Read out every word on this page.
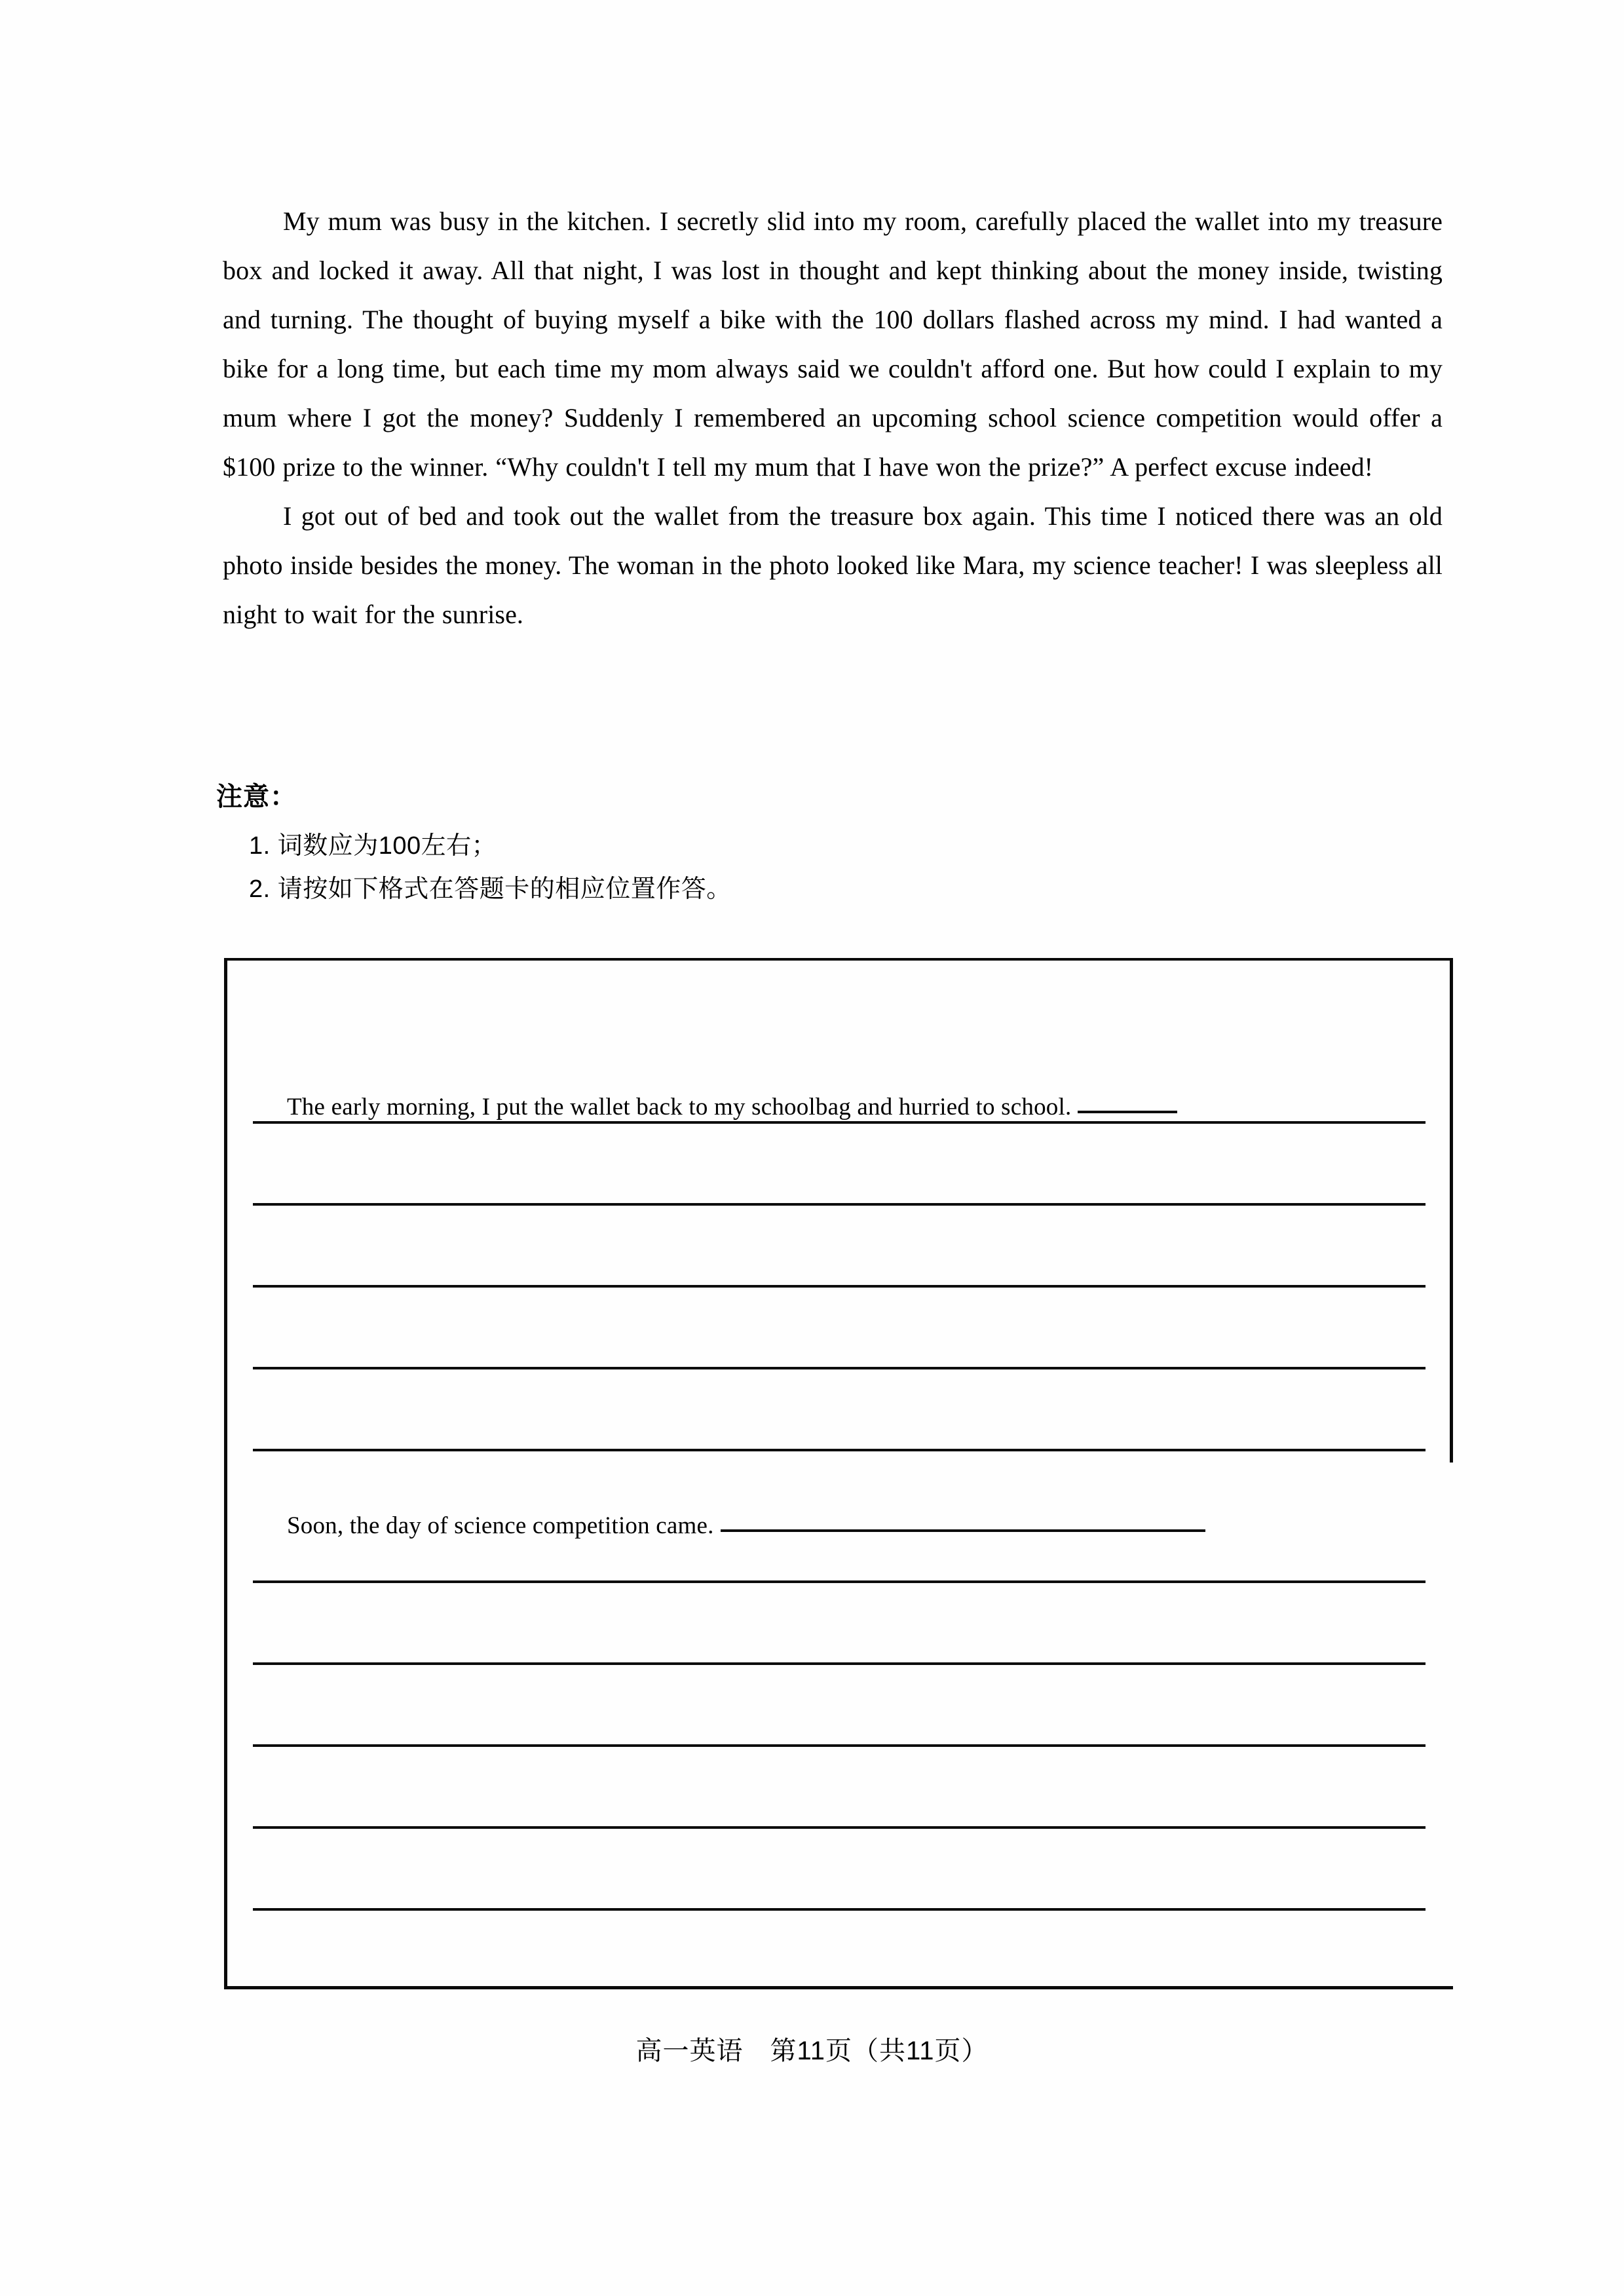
My mum was busy in the kitchen. I secretly slid into my room, carefully placed the wallet into my treasure box and locked it away. All that night, I was lost in thought and kept thinking about the money inside, twisting and turning. The thought of buying myself a bike with the 100 dollars flashed across my mind. I had wanted a bike for a long time, but each time my mom always said we couldn't afford one. But how could I explain to my mum where I got the money? Suddenly I remembered an upcoming school science competition would offer a $100 prize to the winner. “Why couldn't I tell my mum that I have won the prize?” A perfect excuse indeed!

I got out of bed and took out the wallet from the treasure box again. This time I noticed there was an old photo inside besides the money. The woman in the photo looked like Mara, my science teacher! I was sleepless all night to wait for the sunrise.

注意：

1. 词数应为100左右；

2. 请按如下格式在答题卡的相应位置作答。

The early morning, I put the wallet back to my schoolbag and hurried to school.
Soon, the day of science competition came.
高一英语　第11页（共11页）
